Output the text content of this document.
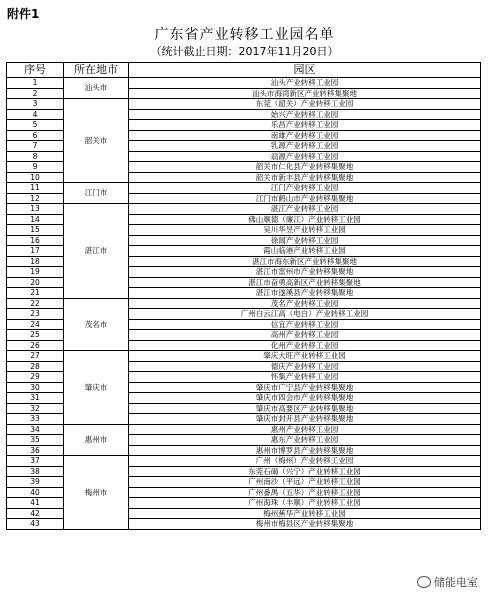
附件1
广东省产业转移工业园名单
（统计截止日期：2017年11月20日）
序号	所在地市	园区
1	汕头市	汕头产业转移工业园
2		汕头市海湾新区产业转移集聚地
3	韶关市	东莞（韶关）产业转移工业园
4		始兴产业转移工业园
5		乐昌产业转移工业园
6		南雄产业转移工业园
7		乳源产业转移工业园
8		翁源产业转移工业园
9		韶关市仁化县产业转移集聚地
10		韶关市新丰县产业转移集聚地
11	江门市	江门产业转移工业园
12		江门市鹤山市产业转移集聚地
13	湛江市	湛江产业转移工业园
14		佛山顺德（廉江）产业转移工业园
15		吴川华昱产业转移工业园
16		徐闻产业转移工业园
17		霞山临港产业转移工业园
18		湛江市海东新区产业转移集聚地
19		湛江市雷州市产业转移集聚地
20		湛江市奋勇高新区产业转移集聚地
21		湛江市遂溪县产业转移集聚地
22	茂名市	茂名产业转移工业园
23		广州白云江高（电白）产业转移工业园
24		信宜产业转移工业园
25		高州产业转移工业园
26		化州产业转移工业园
27	肇庆市	肇庆大旺产业转移工业园
28		德庆产业转移工业园
29		怀集产业转移工业园
30		肇庆市广宁县产业转移集聚地
31		肇庆市四会市产业转移集聚地
32		肇庆市高要区产业转移集聚地
33		肇庆市封开县产业转移集聚地
34	惠州市	惠州产业转移工业园
35		惠东产业转移工业园
36		惠州市博罗县产业转移集聚地
37	梅州市	广州（梅州）产业转移工业园
38		东莞石碣（兴宁）产业转移工业园
39		广州南沙（平远）产业转移工业园
40		广州番禺（五华）产业转移工业园
41		广州海珠（丰顺）产业转移工业园
42		梅州蕉华产业转移工业园
43		梅州市梅县区产业转移集聚地
储能电室
